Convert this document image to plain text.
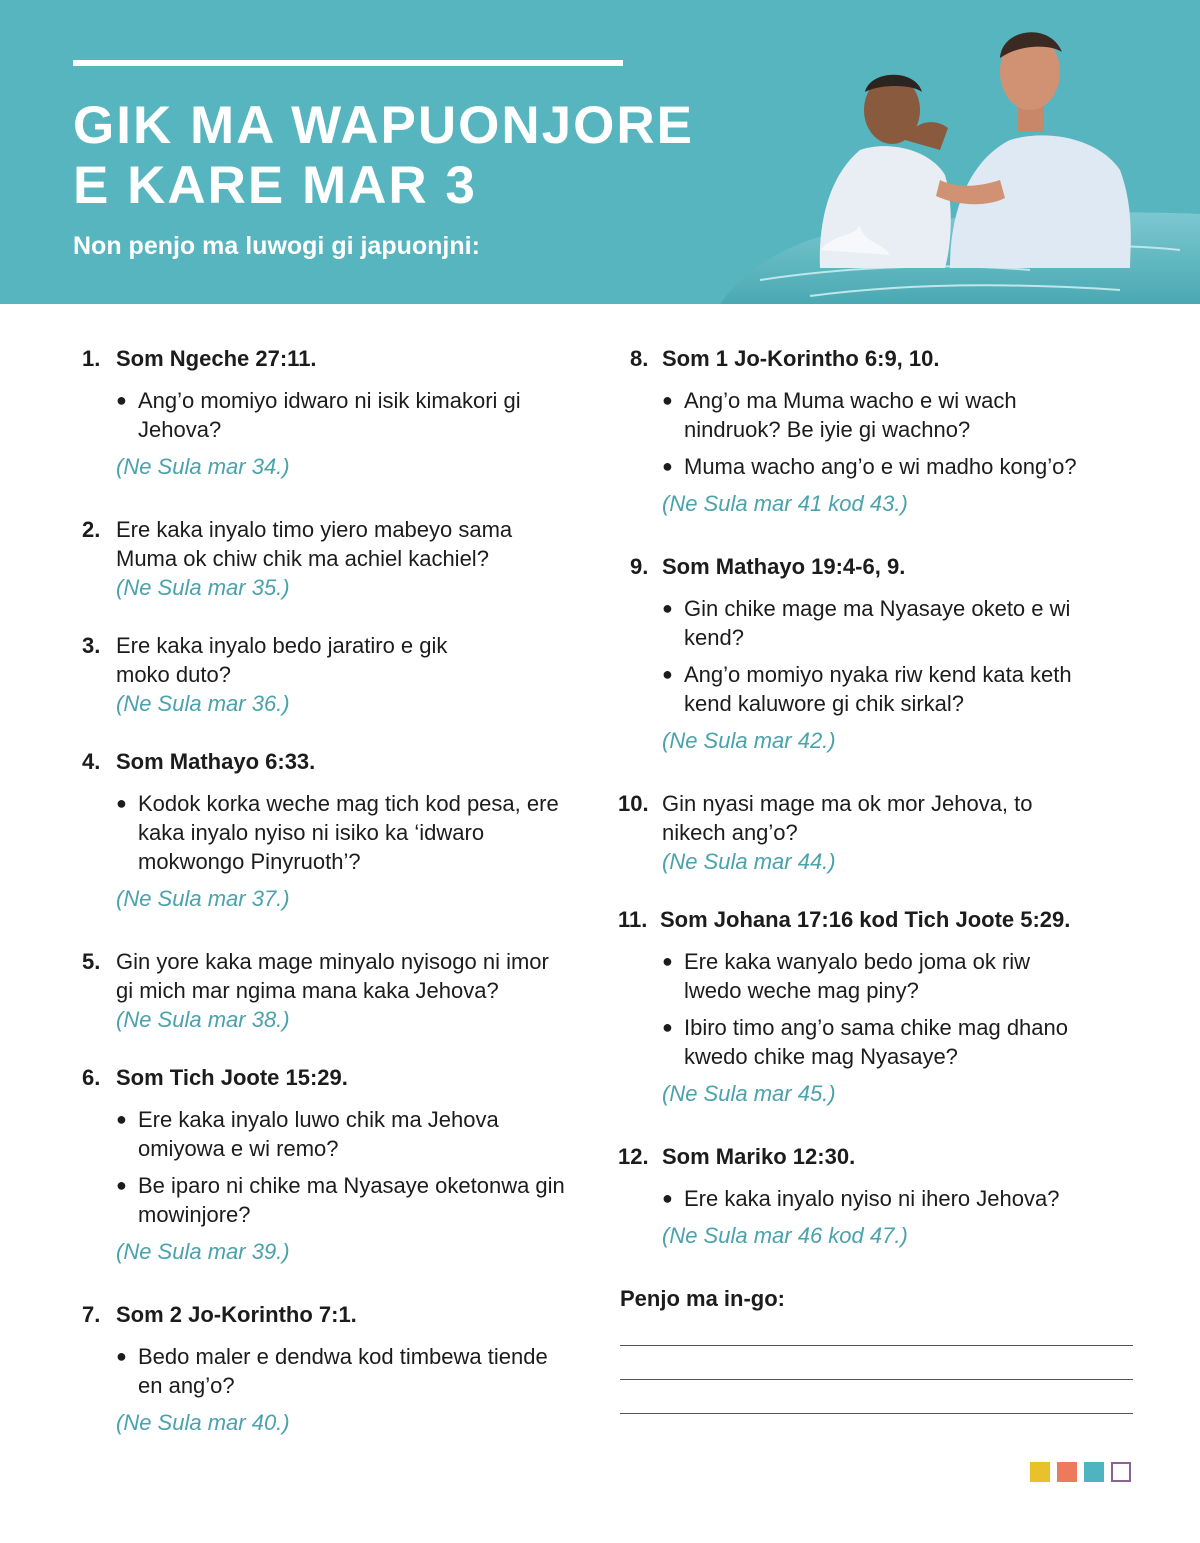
GIK MA WAPUONJORE
E KARE MAR 3
Non penjo ma luwogi gi japuonjni:
1. Som Ngeche 27:11.

● Ang’o momiyo idwaro ni isik kimakori gi Jehova?

(Ne Sula mar 34.)

2. Ere kaka inyalo timo yiero mabeyo sama Muma ok chiw chik ma achiel kachiel?

(Ne Sula mar 35.)

3. Ere kaka inyalo bedo jaratiro e gik moko duto?

(Ne Sula mar 36.)

4. Som Mathayo 6:33.

● Kodok korka weche mag tich kod pesa, ere kaka inyalo nyiso ni isiko ka ‘idwaro mokwongo Pinyruoth’?

(Ne Sula mar 37.)

5. Gin yore kaka mage minyalo nyisogo ni imor gi mich mar ngima mana kaka Jehova?

(Ne Sula mar 38.)

6. Som Tich Joote 15:29.

● Ere kaka inyalo luwo chik ma Jehova omiyowa e wi remo?
● Be iparo ni chike ma Nyasaye oketonwa gin mowinjore?

(Ne Sula mar 39.)

7. Som 2 Jo-Korintho 7:1.

● Bedo maler e dendwa kod timbewa tiende en ang’o?

(Ne Sula mar 40.)

8. Som 1 Jo-Korintho 6:9, 10.

● Ang’o ma Muma wacho e wi wach nindruok? Be iyie gi wachno?
● Muma wacho ang’o e wi madho kong’o?

(Ne Sula mar 41 kod 43.)

9. Som Mathayo 19:4-6, 9.

● Gin chike mage ma Nyasaye oketo e wi kend?
● Ang’o momiyo nyaka riw kend kata keth kend kaluwore gi chik sirkal?

(Ne Sula mar 42.)

10. Gin nyasi mage ma ok mor Jehova, to nikech ang’o?

(Ne Sula mar 44.)

11. Som Johana 17:16 kod Tich Joote 5:29.

● Ere kaka wanyalo bedo joma ok riw lwedo weche mag piny?
● Ibiro timo ang’o sama chike mag dhano kwedo chike mag Nyasaye?

(Ne Sula mar 45.)

12. Som Mariko 12:30.

● Ere kaka inyalo nyiso ni ihero Jehova?

(Ne Sula mar 46 kod 47.)

Penjo ma in-go:
